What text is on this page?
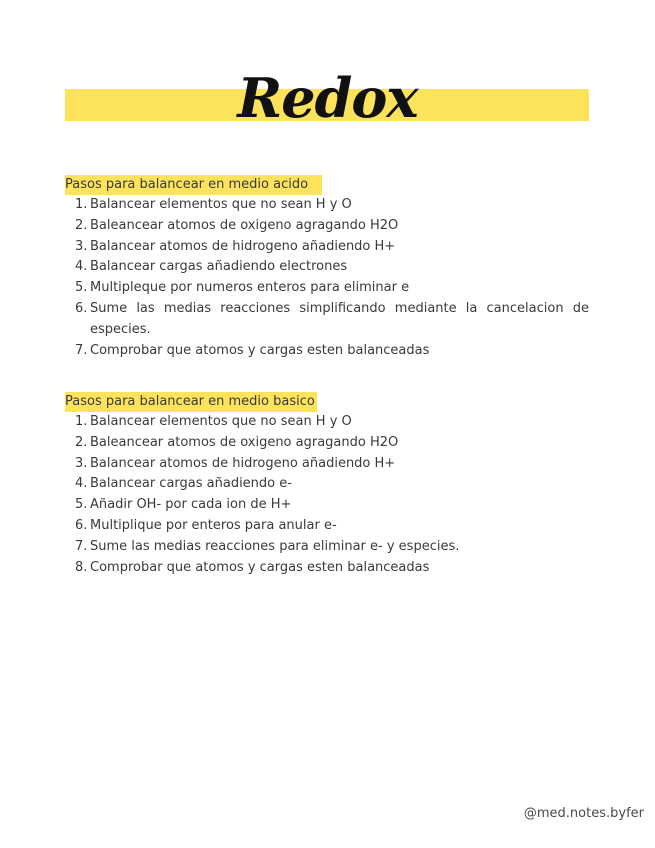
Redox
Pasos para balancear en medio acido
1. Balancear elementos que no sean H y O
2. Baleancear atomos de oxigeno agragando H2O
3. Balancear atomos de hidrogeno añadiendo H+
4. Balancear cargas añadiendo electrones
5. Multipleque por numeros enteros para eliminar e
6. Sume las medias reacciones simplificando mediante la cancelacion de especies.
7. Comprobar que atomos y cargas esten balanceadas
Pasos para balancear en medio basico
1. Balancear elementos que no sean H y O
2. Baleancear atomos de oxigeno agragando H2O
3. Balancear atomos de hidrogeno añadiendo H+
4. Balancear cargas añadiendo e-
5. Añadir OH- por cada ion de H+
6. Multiplique por enteros para anular e-
7. Sume las medias reacciones para eliminar e- y especies.
8. Comprobar que atomos y cargas esten balanceadas
@med.notes.byfer
